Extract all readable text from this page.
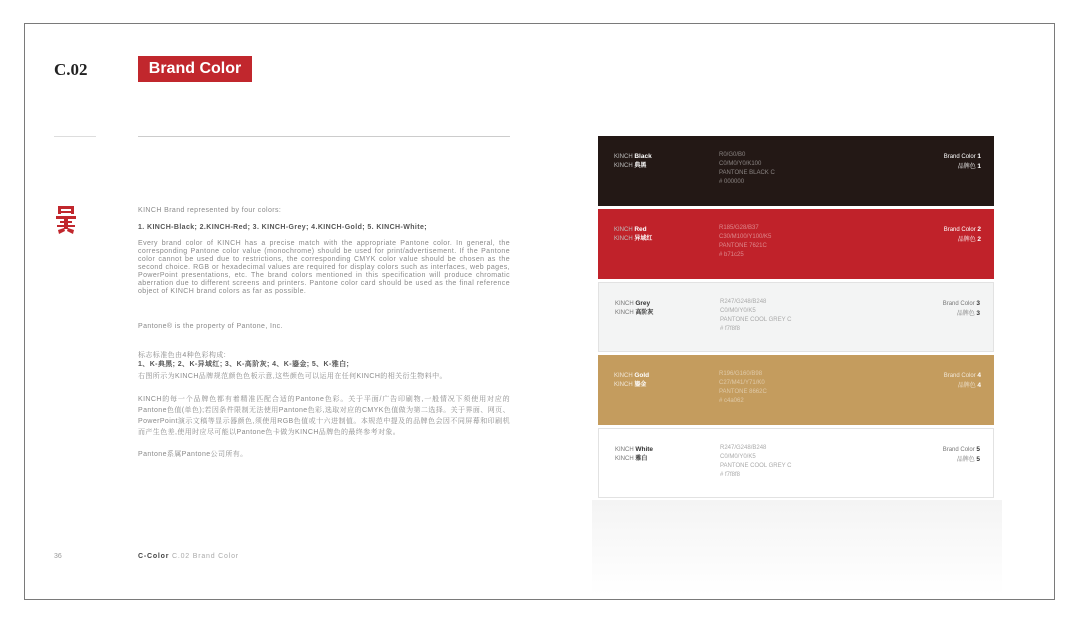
C.02	Brand Color
KINCH Brand represented by four colors:
1. KINCH-Black; 2.KINCH-Red; 3. KINCH-Grey; 4.KINCH-Gold; 5. KINCH-White;
Every brand color of KINCH has a precise match with the appropriate Pantone color. In general, the corresponding Pantone color value (monochrome) should be used for print/advertisement. If the Pantone color cannot be used due to restrictions, the corresponding CMYK color value should be chosen as the second choice. RGB or hexadecimal values are required for display colors such as interfaces, web pages, PowerPoint presentations, etc. The brand colors mentioned in this specification will produce chromatic aberration due to different screens and printers. Pantone color card should be used as the final reference object of KINCH brand colors as far as possible.
Pantone® is the property of Pantone, Inc.
标志标准色由4种色彩构成:
1、K-典黑; 2、K-异域红; 3、K-高阶灰; 4、K-鎏金; 5、K-雅白;
右图所示为KINCH品牌规范颜色色板示意,这些颜色可以运用在任何KINCH的相关衍生物料中。
KINCH的每一个品牌色都有着精准匹配合适的Pantone色彩。关于平面/广告印刷物,一般情况下须使用对应的Pantone色值(单色);若因条件限制无法使用Pantone色彩,选取对应的CMYK色值做为第二选择。关于界面、网页、PowerPoint演示文稿等显示器颜色,须使用RGB色值或十六进制值。本规范中提及的品牌色会因不同屏幕和印刷机而产生色差,使用时应尽可能以Pantone色卡做为KINCH品牌色的最终参考对象。
Pantone系属Pantone公司所有。
36	C-Color C.02 Brand Color
KINCH Black
KINCH 典黑
R0/G0/B0
C0/M0/Y0/K100
PANTONE BLACK C
# 000000
Brand Color 1
品牌色 1
KINCH Red
KINCH 异域红
R185/G28/B37
C30/M100/Y100/K5
PANTONE 7621C
# b71c25
Brand Color 2
品牌色 2
KINCH Grey
KINCH 高阶灰
R247/G248/B248
C0/M0/Y0/K5
PANTONE COOL GREY C
# f7f8f8
Brand Color 3
品牌色 3
KINCH Gold
KINCH 鎏金
R196/G160/B98
C27/M41/Y71/K0
PANTONE 8662C
# c4a062
Brand Color 4
品牌色 4
KINCH White
KINCH 雅白
R247/G248/B248
C0/M0/Y0/K5
PANTONE COOL GREY C
# f7f8f8
Brand Color 5
品牌色 5
